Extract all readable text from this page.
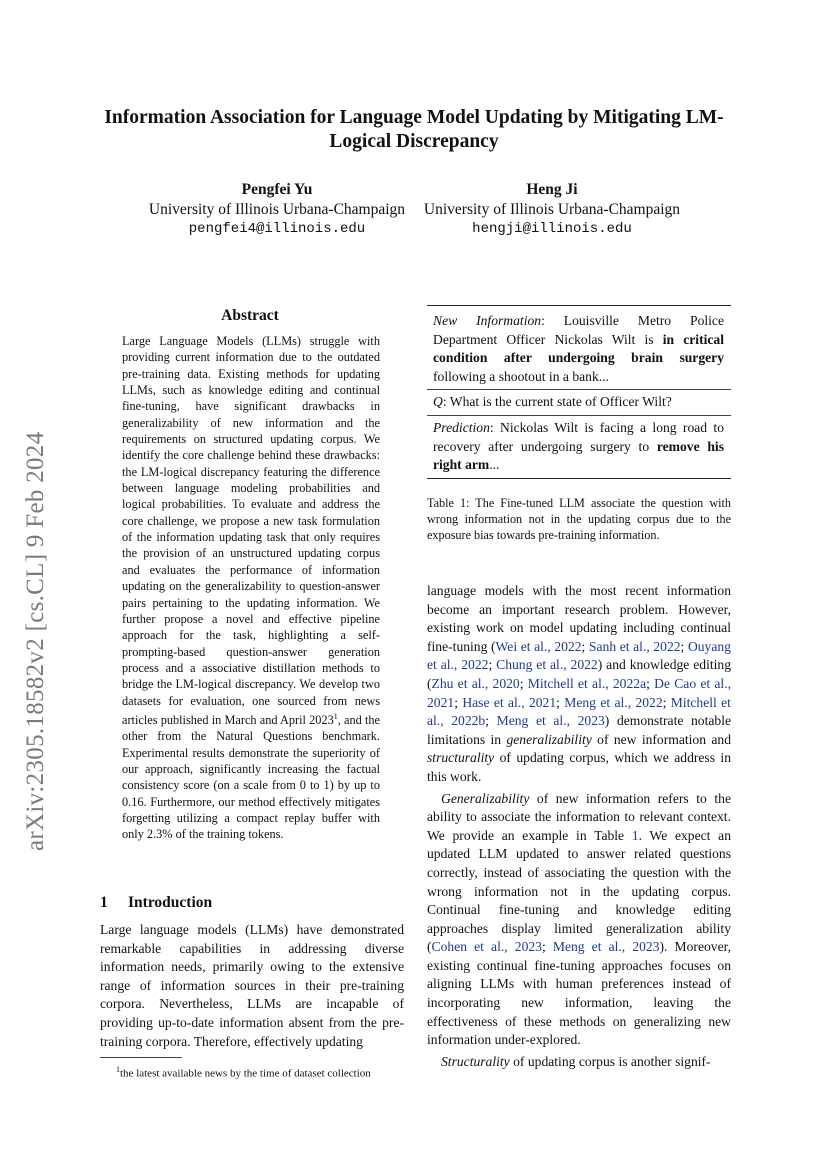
arXiv:2305.18582v2 [cs.CL] 9 Feb 2024
Information Association for Language Model Updating by Mitigating LM-Logical Discrepancy
Pengfei Yu
University of Illinois Urbana-Champaign
pengfei4@illinois.edu
Heng Ji
University of Illinois Urbana-Champaign
hengji@illinois.edu
Abstract
Large Language Models (LLMs) struggle with providing current information due to the outdated pre-training data. Existing methods for updating LLMs, such as knowledge editing and continual fine-tuning, have significant drawbacks in generalizability of new information and the requirements on structured updating corpus. We identify the core challenge behind these drawbacks: the LM-logical discrepancy featuring the difference between language modeling probabilities and logical probabilities. To evaluate and address the core challenge, we propose a new task formulation of the information updating task that only requires the provision of an unstructured updating corpus and evaluates the performance of information updating on the generalizability to question-answer pairs pertaining to the updating information. We further propose a novel and effective pipeline approach for the task, highlighting a self-prompting-based question-answer generation process and a associative distillation methods to bridge the LM-logical discrepancy. We develop two datasets for evaluation, one sourced from news articles published in March and April 2023$^1$, and the other from the Natural Questions benchmark. Experimental results demonstrate the superiority of our approach, significantly increasing the factual consistency score (on a scale from 0 to 1) by up to 0.16. Furthermore, our method effectively mitigates forgetting utilizing a compact replay buffer with only 2.3% of the training tokens.
1 Introduction
Large language models (LLMs) have demonstrated remarkable capabilities in addressing diverse information needs, primarily owing to the extensive range of information sources in their pre-training corpora. Nevertheless, LLMs are incapable of providing up-to-date information absent from the pre-training corpora. Therefore, effectively updating
$^1$the latest available news by the time of dataset collection
New Information: Louisville Metro Police Department Officer Nickolas Wilt is in critical condition after undergoing brain surgery following a shootout in a bank...
Q: What is the current state of Officer Wilt?
Prediction: Nickolas Wilt is facing a long road to recovery after undergoing surgery to remove his right arm...
Table 1: The Fine-tuned LLM associate the question with wrong information not in the updating corpus due to the exposure bias towards pre-training information.

language models with the most recent information become an important research problem. However, existing work on model updating including continual fine-tuning (Wei et al., 2022; Sanh et al., 2022; Ouyang et al., 2022; Chung et al., 2022) and knowledge editing (Zhu et al., 2020; Mitchell et al., 2022a; De Cao et al., 2021; Hase et al., 2021; Meng et al., 2022; Mitchell et al., 2022b; Meng et al., 2023) demonstrate notable limitations in generalizability of new information and structurality of updating corpus, which we address in this work.

Generalizability of new information refers to the ability to associate the information to relevant context. We provide an example in Table 1. We expect an updated LLM updated to answer related questions correctly, instead of associating the question with the wrong information not in the updating corpus. Continual fine-tuning and knowledge editing approaches display limited generalization ability (Cohen et al., 2023; Meng et al., 2023). Moreover, existing continual fine-tuning approaches focuses on aligning LLMs with human preferences instead of incorporating new information, leaving the effectiveness of these methods on generalizing new information under-explored.

Structurality of updating corpus is another signif-
